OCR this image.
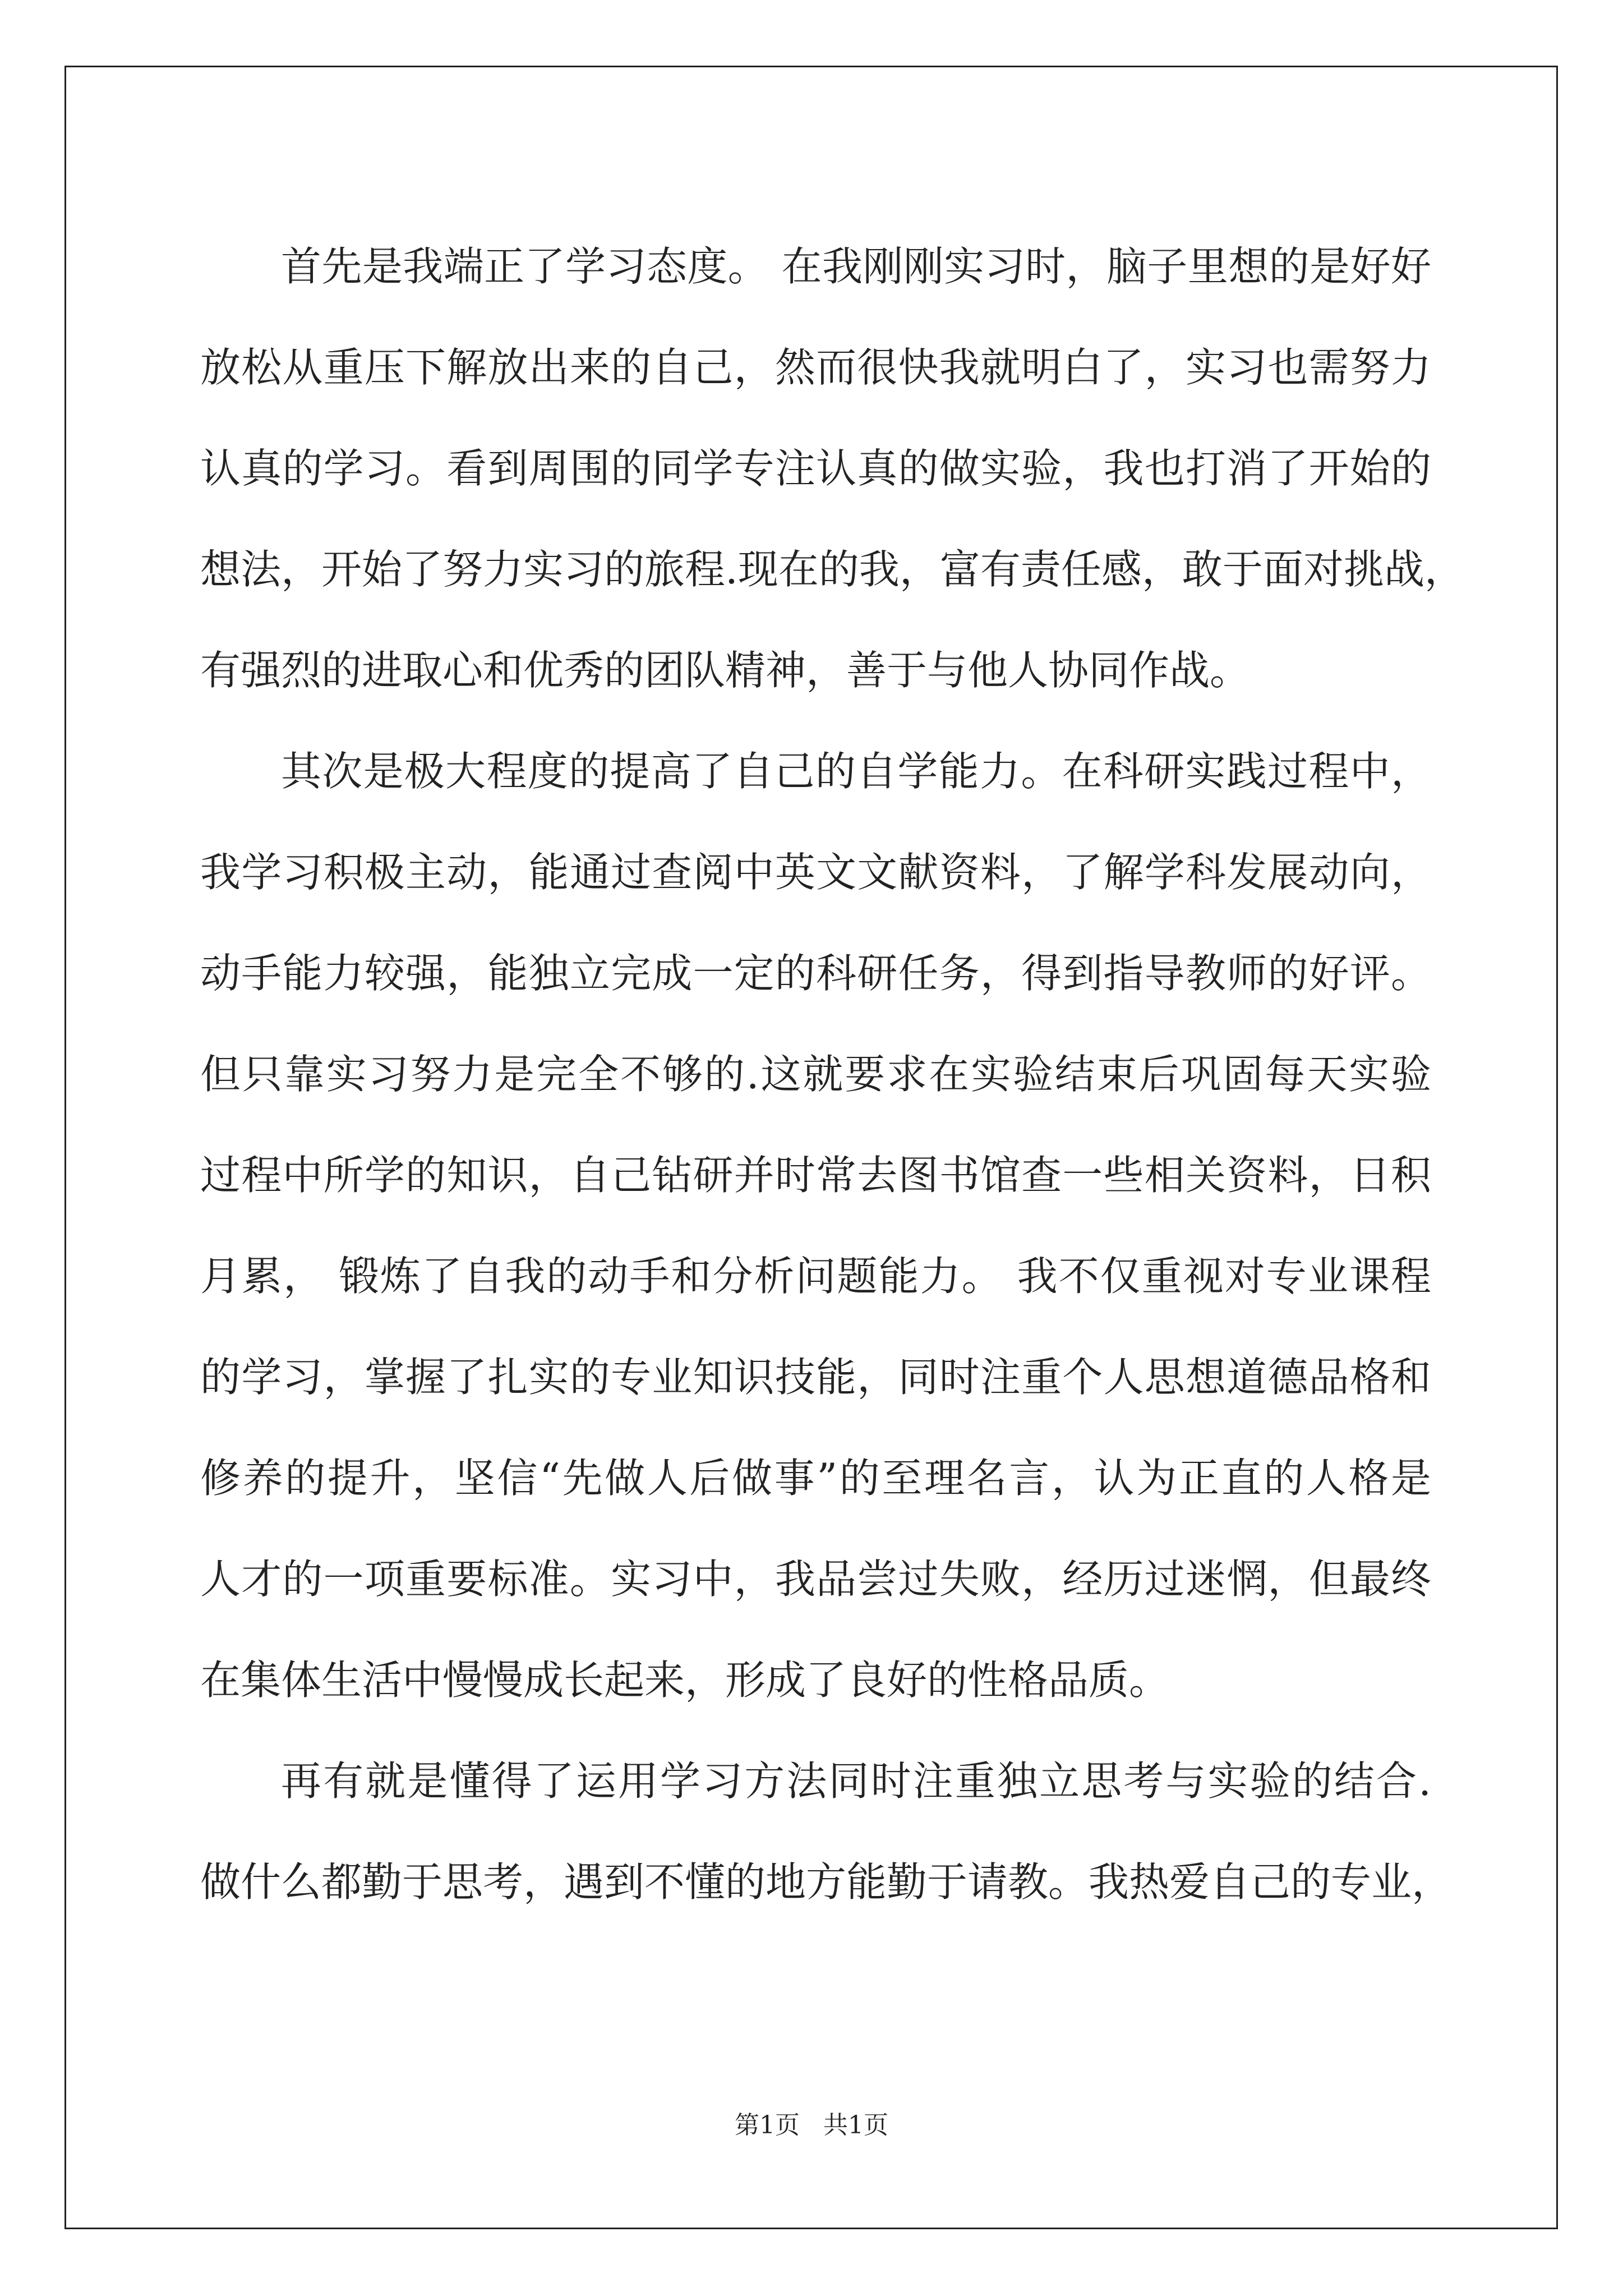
首先是我端正了学习态度。 在我刚刚实习时，脑子里想的是好好
放松从重压下解放出来的自己，然而很快我就明白了，实习也需努力
认真的学习。看到周围的同学专注认真的做实验，我也打消了开始的
想法，开始了努力实习的旅程.现在的我，富有责任感，敢于面对挑战，
有强烈的进取心和优秀的团队精神，善于与他人协同作战。
其次是极大程度的提高了自己的自学能力。在科研实践过程中，
我学习积极主动，能通过查阅中英文文献资料，了解学科发展动向，
动手能力较强，能独立完成一定的科研任务，得到指导教师的好评。
但只靠实习努力是完全不够的.这就要求在实验结束后巩固每天实验
过程中所学的知识，自己钻研并时常去图书馆查一些相关资料，日积
月累， 锻炼了自我的动手和分析问题能力。 我不仅重视对专业课程
的学习，掌握了扎实的专业知识技能，同时注重个人思想道德品格和
修养的提升，坚信“先做人后做事”的至理名言，认为正直的人格是
人才的一项重要标准。实习中，我品尝过失败，经历过迷惘，但最终
在集体生活中慢慢成长起来，形成了良好的性格品质。
再有就是懂得了运用学习方法同时注重独立思考与实验的结合.
做什么都勤于思考，遇到不懂的地方能勤于请教。我热爱自己的专业，
第1页 共1页
